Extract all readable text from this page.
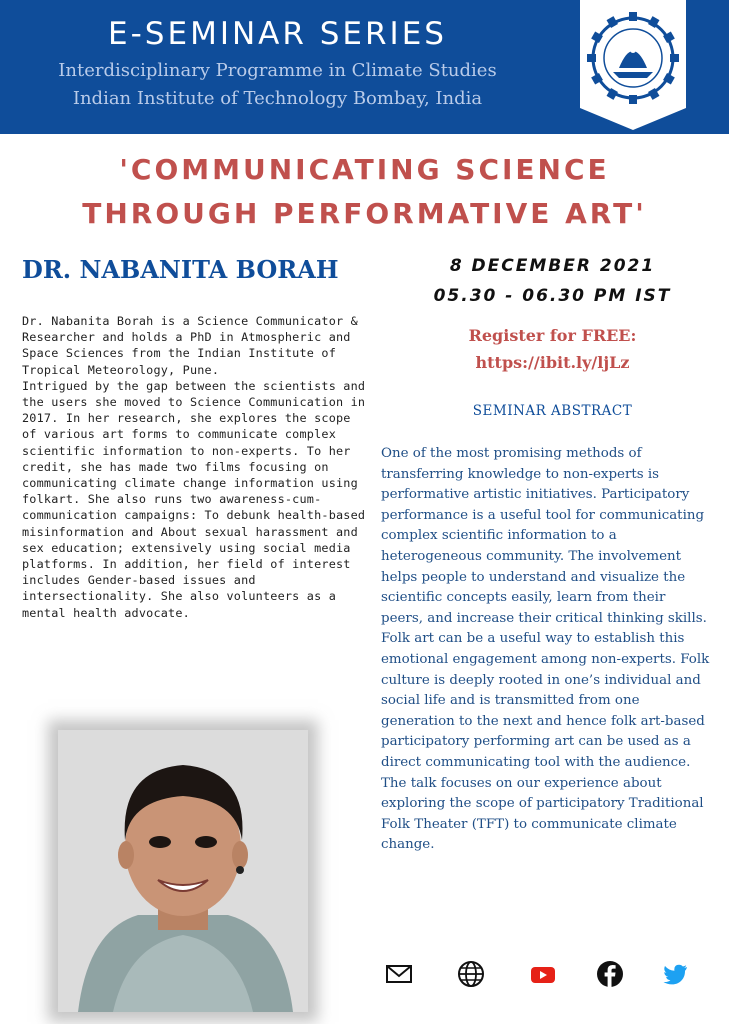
E-SEMINAR SERIES
Interdisciplinary Programme in Climate Studies
Indian Institute of Technology Bombay, India
'COMMUNICATING SCIENCE
THROUGH PERFORMATIVE ART'
DR. NABANITA BORAH

Dr. Nabanita Borah is a Science Communicator & Researcher and holds a PhD in Atmospheric and Space Sciences from the Indian Institute of Tropical Meteorology, Pune.

Intrigued by the gap between the scientists and the users she moved to Science Communication in 2017. In her research, she explores the scope of various art forms to communicate complex scientific information to non-experts. To her credit, she has made two films focusing on communicating climate change information using folkart. She also runs two awareness-cum-communication campaigns: To debunk health-based misinformation and About sexual harassment and sex education; extensively using social media platforms. In addition, her field of interest includes Gender-based issues and intersectionality. She also volunteers as a mental health advocate.

8 DECEMBER 2021
05.30 - 06.30 PM IST
Register for FREE:
https://ibit.ly/ljLz
SEMINAR ABSTRACT
One of the most promising methods of transferring knowledge to non-experts is performative artistic initiatives. Participatory performance is a useful tool for communicating complex scientific information to a heterogeneous community. The involvement helps people to understand and visualize the scientific concepts easily, learn from their peers, and increase their critical thinking skills. Folk art can be a useful way to establish this emotional engagement among non-experts. Folk culture is deeply rooted in one’s individual and social life and is transmitted from one generation to the next and hence folk art-based participatory performing art can be used as a direct communicating tool with the audience. The talk focuses on our experience about exploring the scope of participatory Traditional Folk Theater (TFT) to communicate climate change.
